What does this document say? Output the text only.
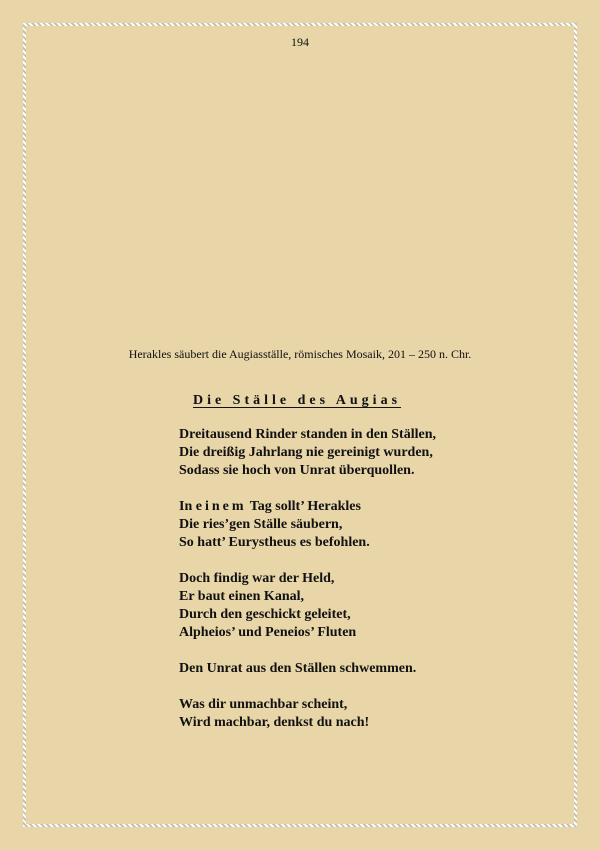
194
Herakles säubert die Augiasställe, römisches Mosaik, 201 – 250 n. Chr.
Die Ställe des Augias
Dreitausend Rinder standen in den Ställen,
Die dreißig Jahrlang nie gereinigt wurden,
Sodass sie hoch von Unrat überquollen.
In einem Tag sollt’ Herakles
Die ries’gen Ställe säubern,
So hatt’ Eurystheus es befohlen.
Doch findig war der Held,
Er baut einen Kanal,
Durch den geschickt geleitet,
Alpheios’ und Peneios’ Fluten
Den Unrat aus den Ställen schwemmen.
Was dir unmachbar scheint,
Wird machbar, denkst du nach!
